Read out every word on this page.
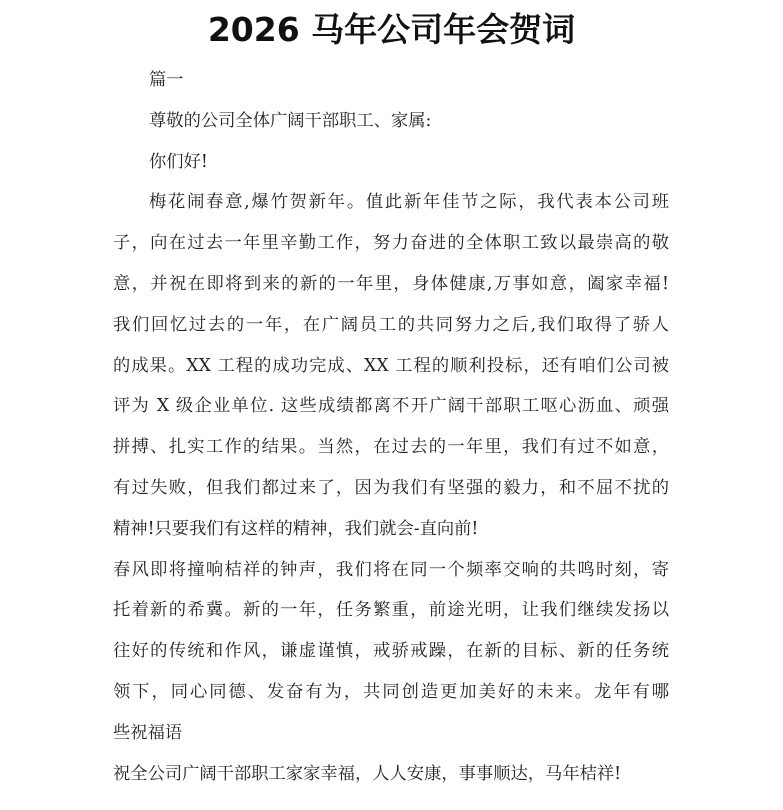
2026 马年公司年会贺词
篇一
尊敬的公司全体广阔干部职工、家属:
你们好!
梅花闹春意,爆竹贺新年。值此新年佳节之际，我代表本公司班
子，向在过去一年里辛勤工作，努力奋进的全体职工致以最崇高的敬
意，并祝在即将到来的新的一年里，身体健康,万事如意，阖家幸福!
我们回忆过去的一年，在广阔员工的共同努力之后,我们取得了骄人
的成果。XX 工程的成功完成、XX 工程的顺利投标，还有咱们公司被
评为 X 级企业单位. 这些成绩都离不开广阔干部职工呕心沥血、顽强
拼搏、扎实工作的结果。当然，在过去的一年里，我们有过不如意，
有过失败，但我们都过来了，因为我们有坚强的毅力，和不屈不扰的
精神!只要我们有这样的精神，我们就会-直向前!
春风即将撞响桔祥的钟声，我们将在同一个频率交响的共鸣时刻，寄
托着新的希冀。新的一年，任务繁重，前途光明，让我们继续发扬以
往好的传统和作风，谦虚谨慎，戒骄戒躁，在新的目标、新的任务统
领下，同心同德、发奋有为，共同创造更加美好的未来。龙年有哪
些祝福语
祝全公司广阔干部职工家家幸福，人人安康，事事顺达，马年桔祥!
